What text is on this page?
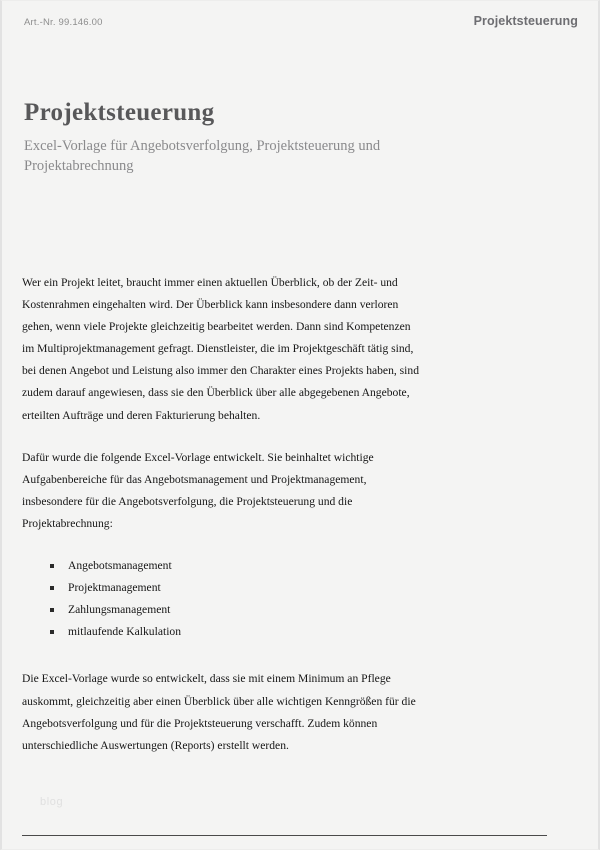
Art.-Nr. 99.146.00	Projektsteuerung
Projektsteuerung
Excel-Vorlage für Angebotsverfolgung, Projektsteuerung und Projektabrechnung

Wer ein Projekt leitet, braucht immer einen aktuellen Überblick, ob der Zeit- und Kostenrahmen eingehalten wird. Der Überblick kann insbesondere dann verloren gehen, wenn viele Projekte gleichzeitig bearbeitet werden. Dann sind Kompetenzen im Multiprojektmanagement gefragt. Dienstleister, die im Projektgeschäft tätig sind, bei denen Angebot und Leistung also immer den Charakter eines Projekts haben, sind zudem darauf angewiesen, dass sie den Überblick über alle abgegebenen Angebote, erteilten Aufträge und deren Fakturierung behalten.

Dafür wurde die folgende Excel-Vorlage entwickelt. Sie beinhaltet wichtige Aufgabenbereiche für das Angebotsmanagement und Projektmanagement, insbesondere für die Angebotsverfolgung, die Projektsteuerung und die Projektabrechnung:

Angebotsmanagement
Projektmanagement
Zahlungsmanagement
mitlaufende Kalkulation

Die Excel-Vorlage wurde so entwickelt, dass sie mit einem Minimum an Pflege auskommt, gleichzeitig aber einen Überblick über alle wichtigen Kenngrößen für die Angebotsverfolgung und für die Projektsteuerung verschafft. Zudem können unterschiedliche Auswertungen (Reports) erstellt werden.

blog
